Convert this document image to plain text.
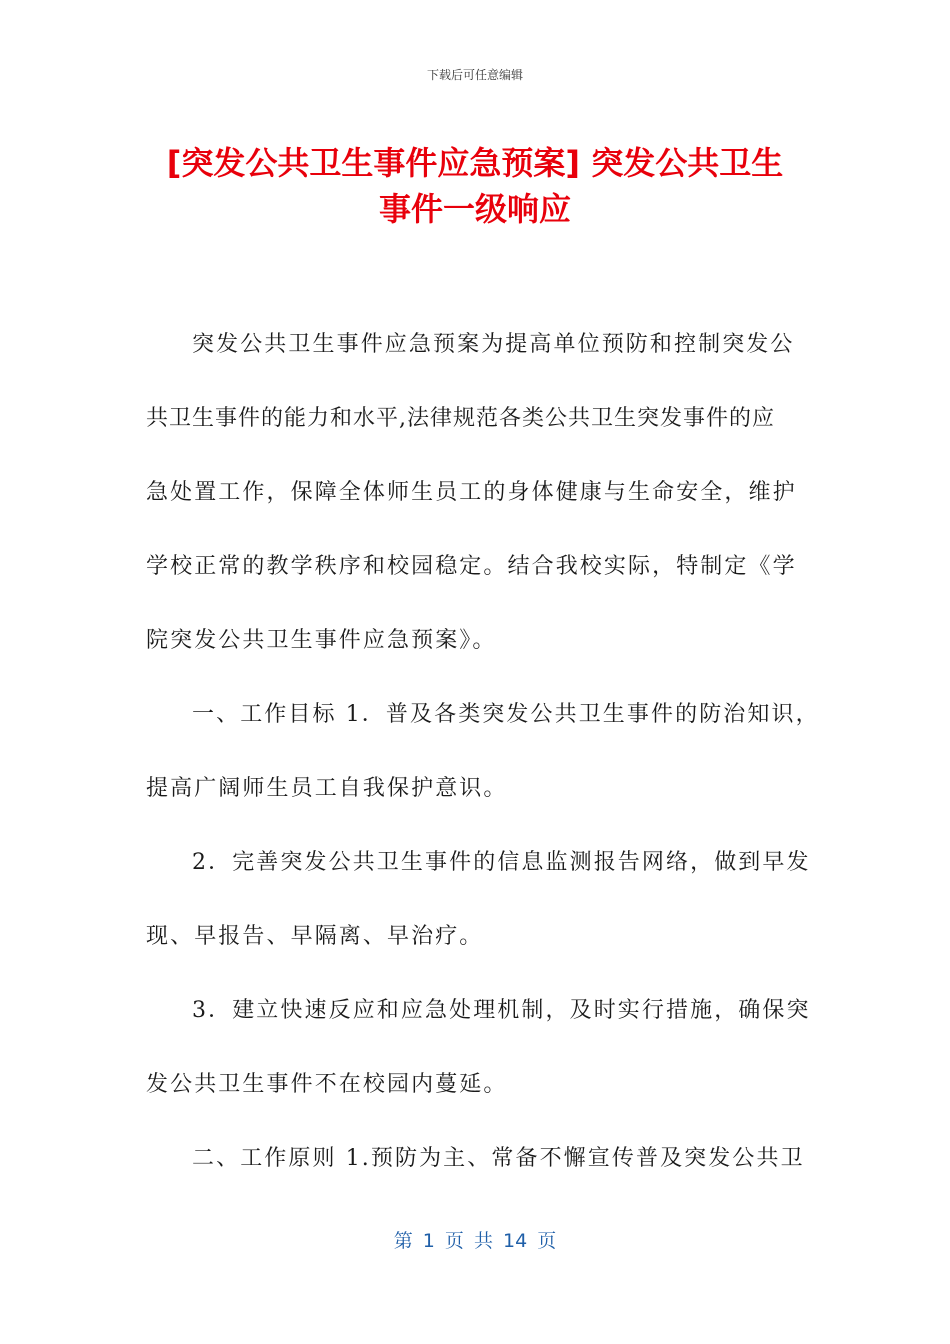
下载后可任意编辑
[突发公共卫生事件应急预案] 突发公共卫生
事件一级响应
突发公共卫生事件应急预案为提高单位预防和控制突发公
共卫生事件的能力和水平,法律规范各类公共卫生突发事件的应
急处置工作，保障全体师生员工的身体健康与生命安全，维护
学校正常的教学秩序和校园稳定。结合我校实际，特制定《学
院突发公共卫生事件应急预案》。
一、工作目标 1．普及各类突发公共卫生事件的防治知识，
提高广阔师生员工自我保护意识。
2．完善突发公共卫生事件的信息监测报告网络，做到早发
现、早报告、早隔离、早治疗。
3．建立快速反应和应急处理机制，及时实行措施，确保突
发公共卫生事件不在校园内蔓延。
二、工作原则 1.预防为主、常备不懈宣传普及突发公共卫
第 1 页 共 14 页
